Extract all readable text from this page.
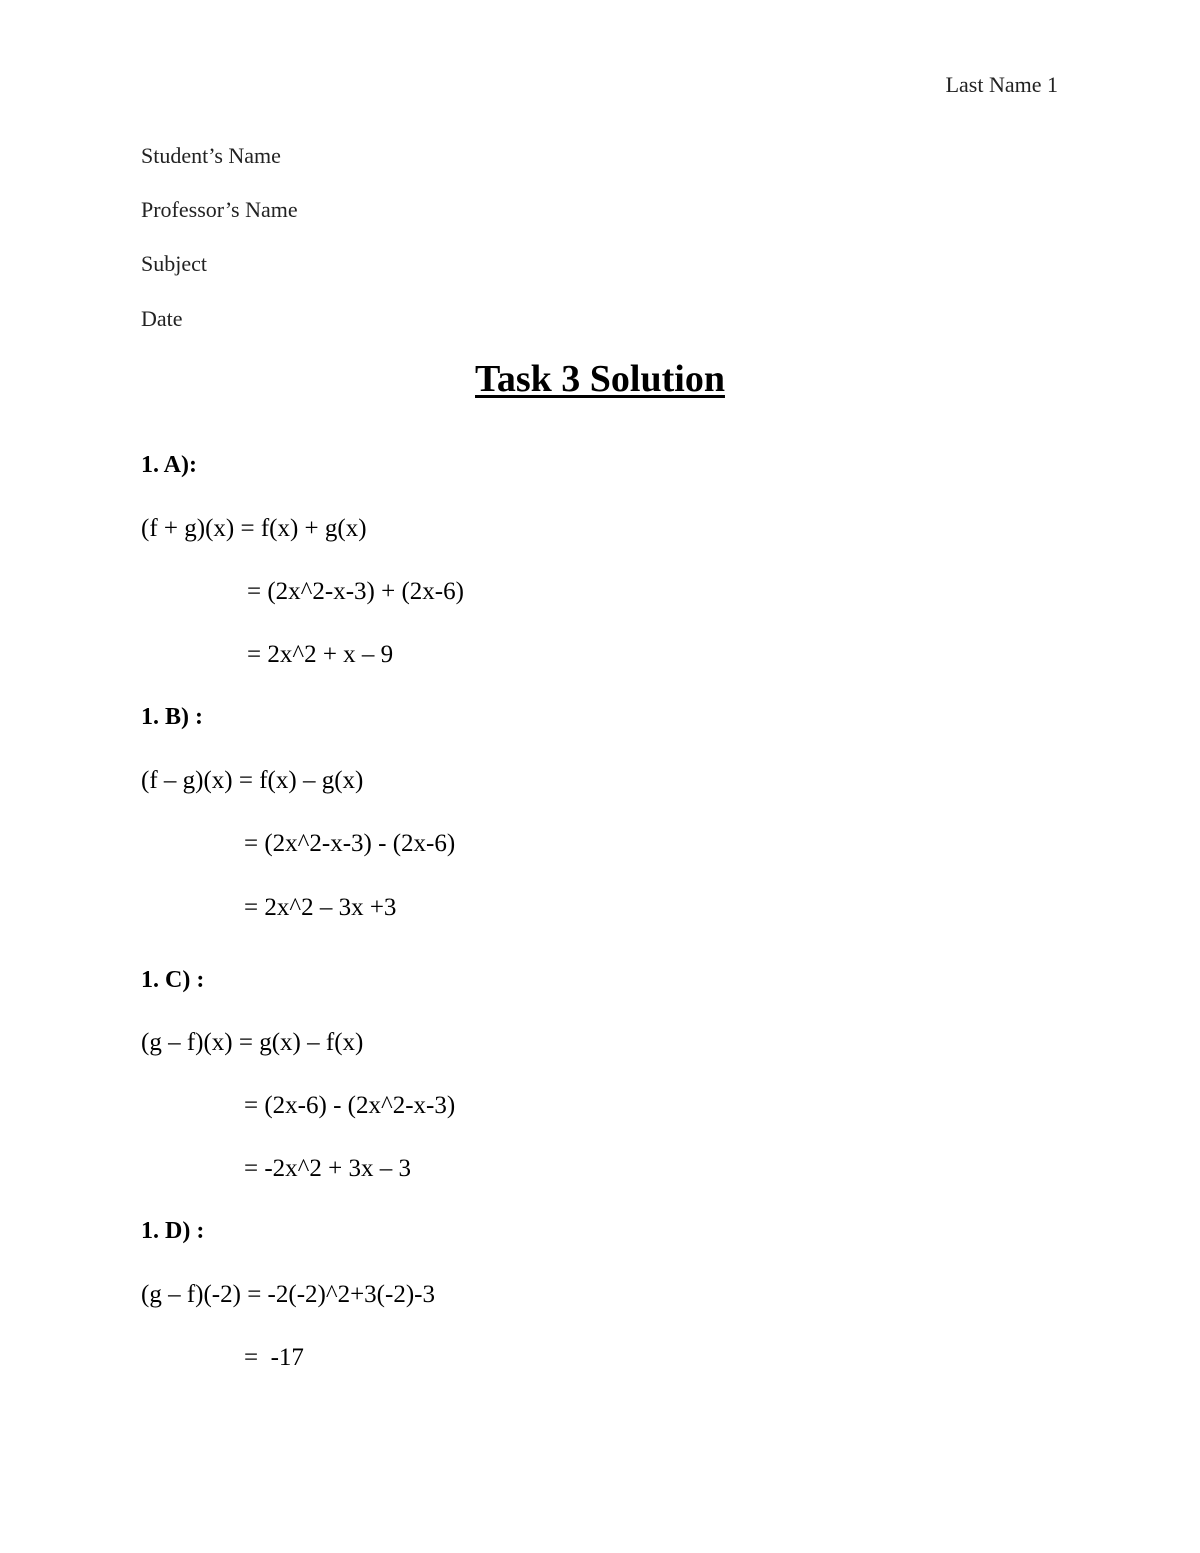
Last Name 1
Student’s Name
Professor’s Name
Subject
Date
Task 3 Solution
1. A):
(f + g)(x) = f(x) + g(x)
= (2x^2-x-3) + (2x-6)
= 2x^2 + x – 9
1. B) :
(f – g)(x) = f(x) – g(x)
= (2x^2-x-3) - (2x-6)
= 2x^2 – 3x +3
1. C) :
(g – f)(x) = g(x) – f(x)
= (2x-6) - (2x^2-x-3)
= -2x^2 + 3x – 3
1. D) :
(g – f)(-2) = -2(-2)^2+3(-2)-3
=  -17
